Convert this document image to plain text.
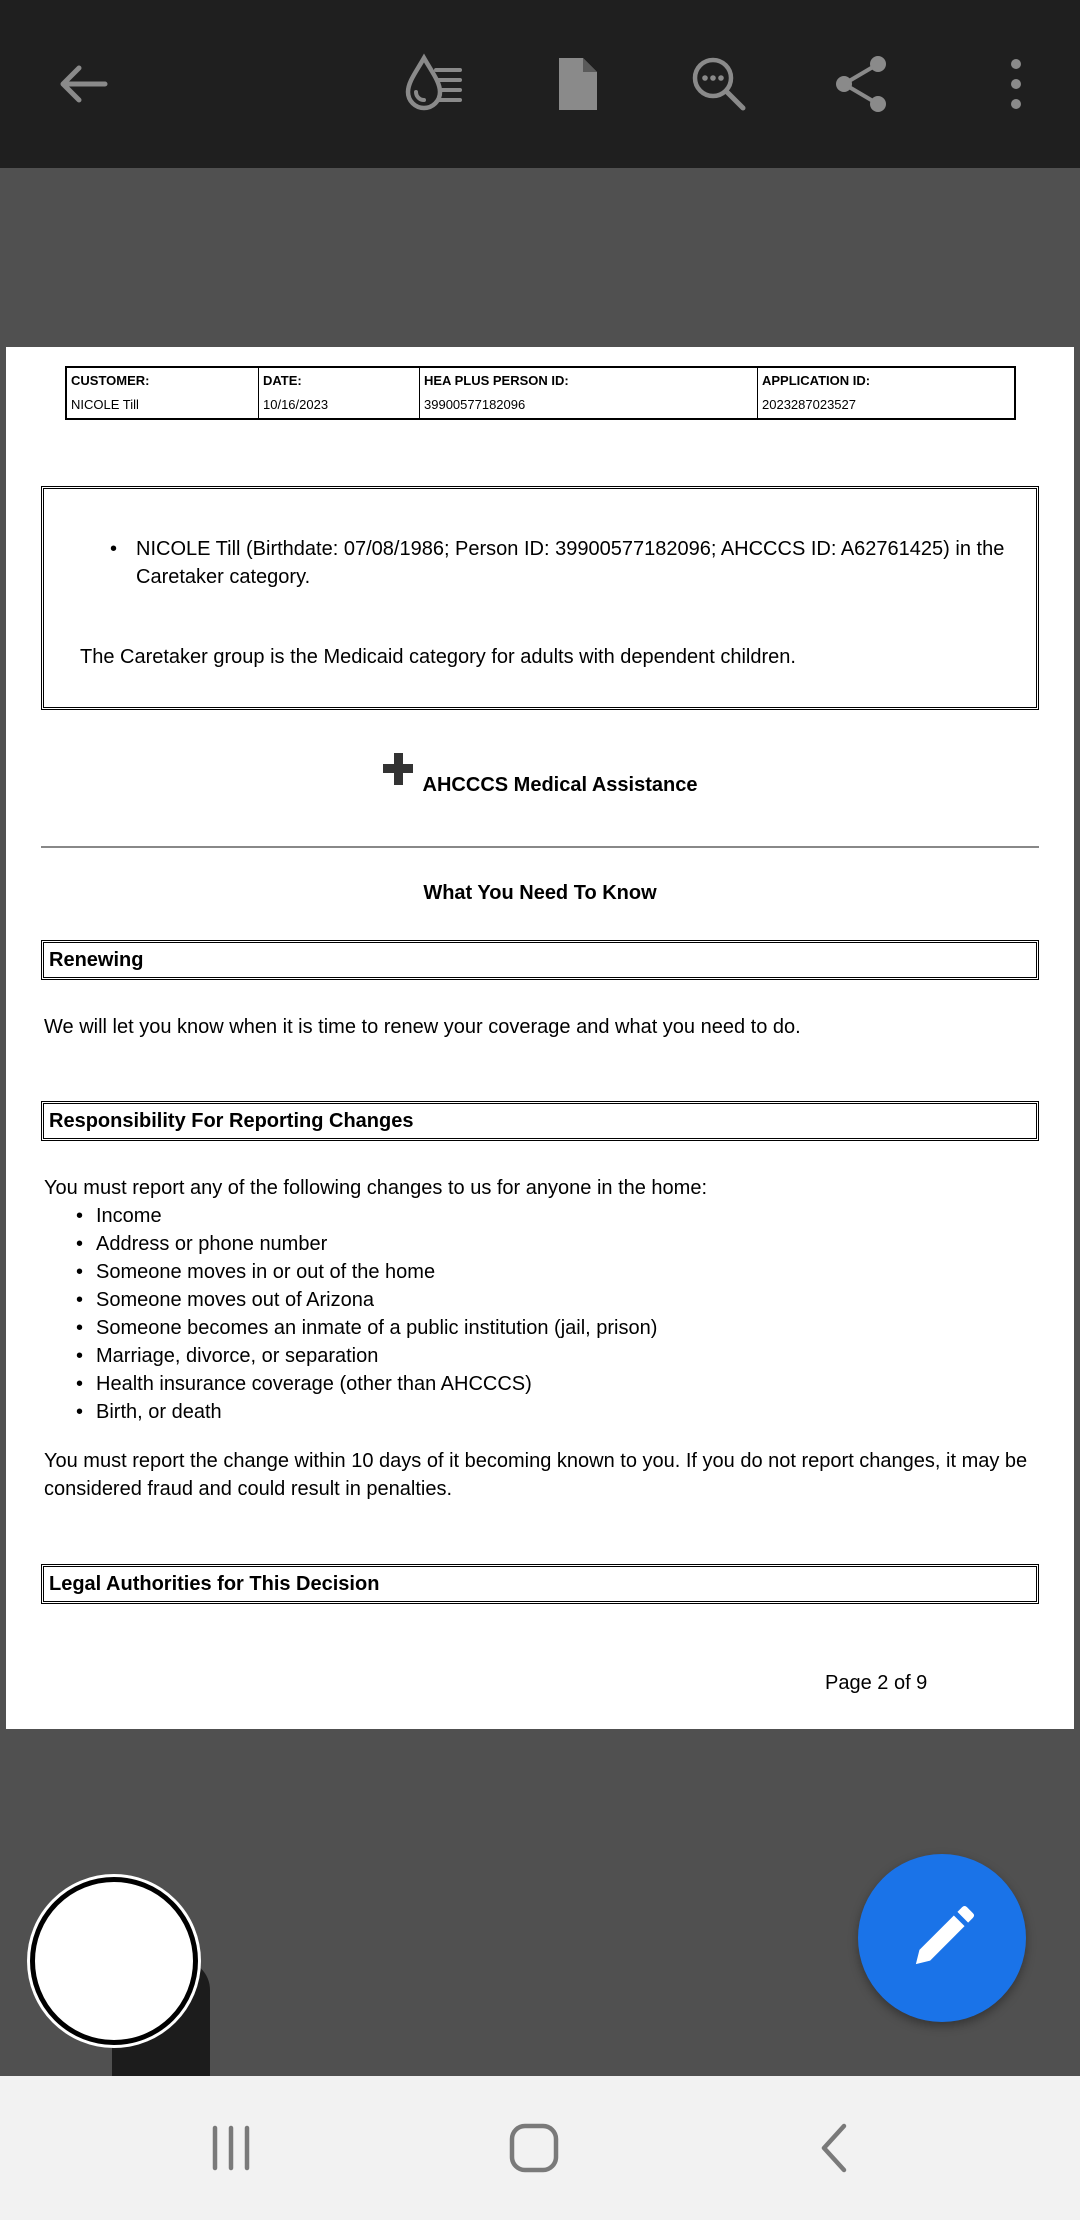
CUSTOMER:
NICOLE Till
DATE:
10/16/2023
HEA PLUS PERSON ID:
39900577182096
APPLICATION ID:
2023287023527
• NICOLE Till (Birthdate: 07/08/1986; Person ID: 39900577182096; AHCCCS ID: A62761425) in the Caretaker category.
The Caretaker group is the Medicaid category for adults with dependent children.
AHCCCS Medical Assistance
What You Need To Know
Renewing
We will let you know when it is time to renew your coverage and what you need to do.
Responsibility For Reporting Changes
You must report any of the following changes to us for anyone in the home:
• Income
• Address or phone number
• Someone moves in or out of the home
• Someone moves out of Arizona
• Someone becomes an inmate of a public institution (jail, prison)
• Marriage, divorce, or separation
• Health insurance coverage (other than AHCCCS)
• Birth, or death
You must report the change within 10 days of it becoming known to you. If you do not report changes, it may be considered fraud and could result in penalties.
Legal Authorities for This Decision
Page 2 of 9
